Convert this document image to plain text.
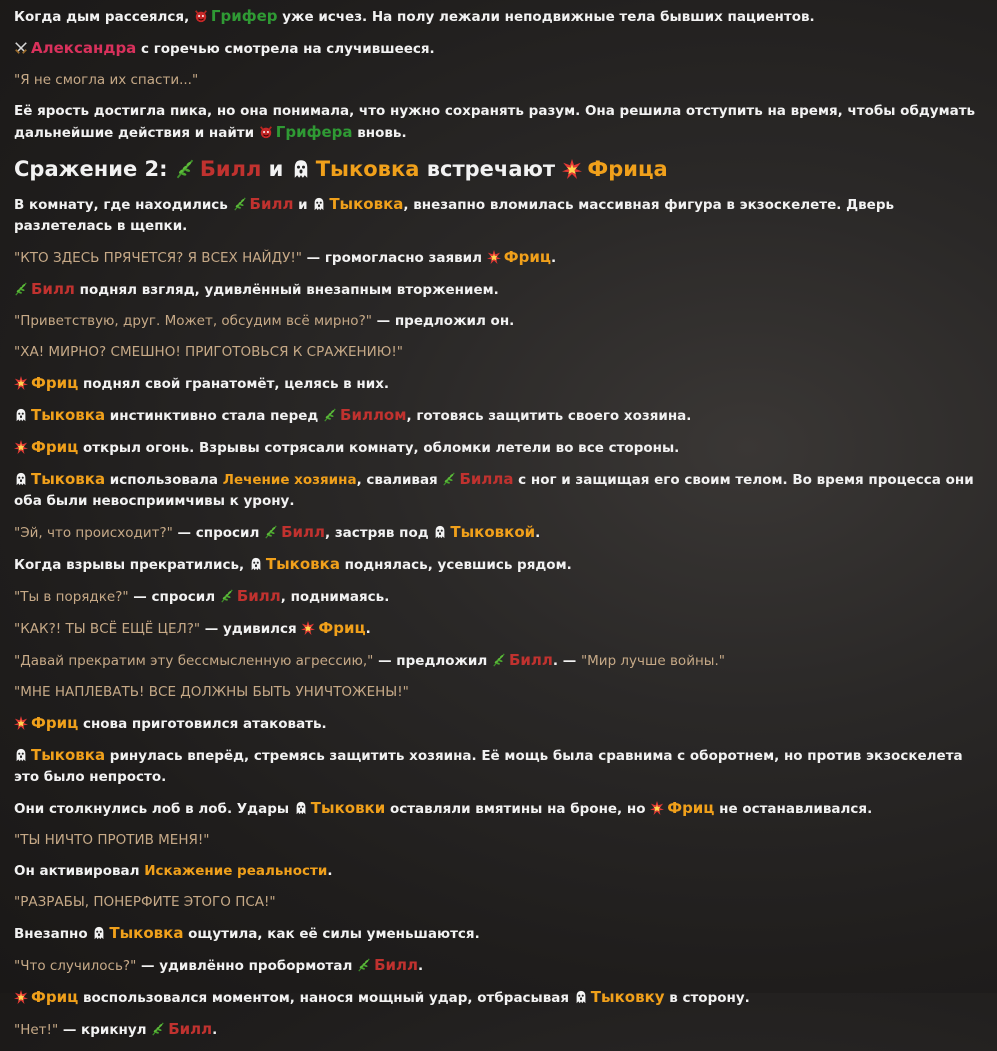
Когда дым рассеялся, Грифер уже исчез. На полу лежали неподвижные тела бывших пациентов.

Александра с горечью смотрела на случившееся.

"Я не смогла их спасти..."

Её ярость достигла пика, но она понимала, что нужно сохранять разум. Она решила отступить на время, чтобы обдумать дальнейшие действия и найти Грифера вновь.

Сражение 2: Билл и Тыковка встречают Фрица

В комнату, где находились Билл и Тыковка, внезапно вломилась массивная фигура в экзоскелете. Дверь разлетелась в щепки.

"КТО ЗДЕСЬ ПРЯЧЕТСЯ? Я ВСЕХ НАЙДУ!" — громогласно заявил Фриц.

Билл поднял взгляд, удивлённый внезапным вторжением.

"Приветствую, друг. Может, обсудим всё мирно?" — предложил он.

"ХА! МИРНО? СМЕШНО! ПРИГОТОВЬСЯ К СРАЖЕНИЮ!"

Фриц поднял свой гранатомёт, целясь в них.

Тыковка инстинктивно стала перед Биллом, готовясь защитить своего хозяина.

Фриц открыл огонь. Взрывы сотрясали комнату, обломки летели во все стороны.

Тыковка использовала Лечение хозяина, сваливая Билла с ног и защищая его своим телом. Во время процесса они оба были невосприимчивы к урону.

"Эй, что происходит?" — спросил Билл, застряв под Тыковкой.

Когда взрывы прекратились, Тыковка поднялась, усевшись рядом.

"Ты в порядке?" — спросил Билл, поднимаясь.

"КАК?! ТЫ ВСЁ ЕЩЁ ЦЕЛ?" — удивился Фриц.

"Давай прекратим эту бессмысленную агрессию," — предложил Билл. — "Мир лучше войны."

"МНЕ НАПЛЕВАТЬ! ВСЕ ДОЛЖНЫ БЫТЬ УНИЧТОЖЕНЫ!"

Фриц снова приготовился атаковать.

Тыковка ринулась вперёд, стремясь защитить хозяина. Её мощь была сравнима с оборотнем, но против экзоскелета это было непросто.

Они столкнулись лоб в лоб. Удары Тыковки оставляли вмятины на броне, но Фриц не останавливался.

"ТЫ НИЧТО ПРОТИВ МЕНЯ!"

Он активировал Искажение реальности.

"РАЗРАБЫ, ПОНЕРФИТЕ ЭТОГО ПСА!"

Внезапно Тыковка ощутила, как её силы уменьшаются.

"Что случилось?" — удивлённо пробормотал Билл.

Фриц воспользовался моментом, нанося мощный удар, отбрасывая Тыковку в сторону.

"Нет!" — крикнул Билл.
